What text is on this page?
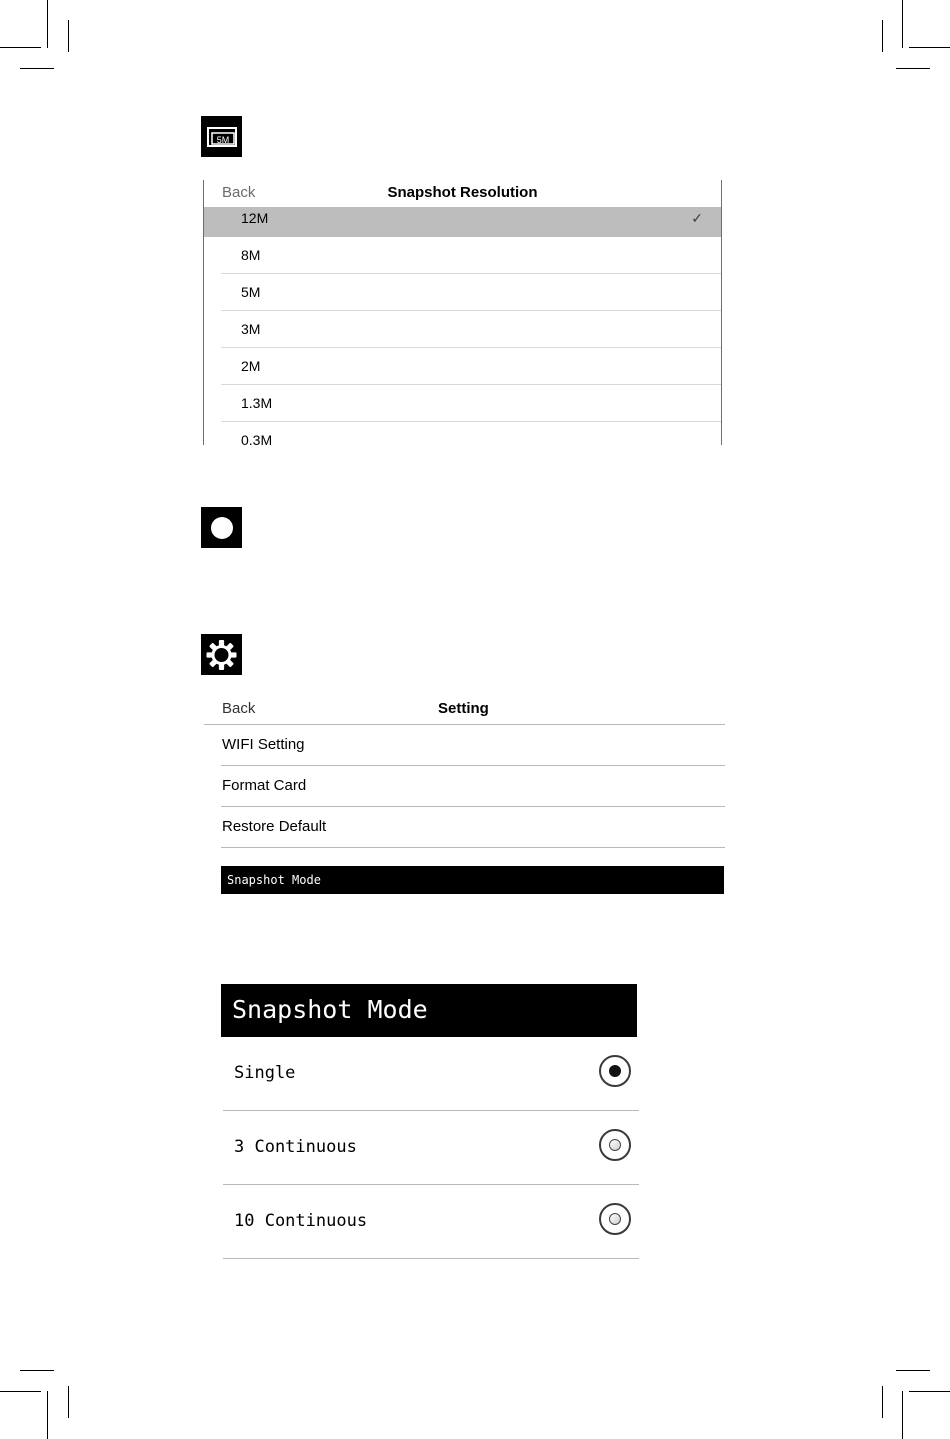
5M
Back	Snapshot Resolution
12M	✓
8M
5M
3M
2M
1.3M
0.3M
Back	Setting
WIFI Setting
Format Card
Restore Default
Snapshot Mode
Snapshot Mode
Single
3 Continuous
10 Continuous
